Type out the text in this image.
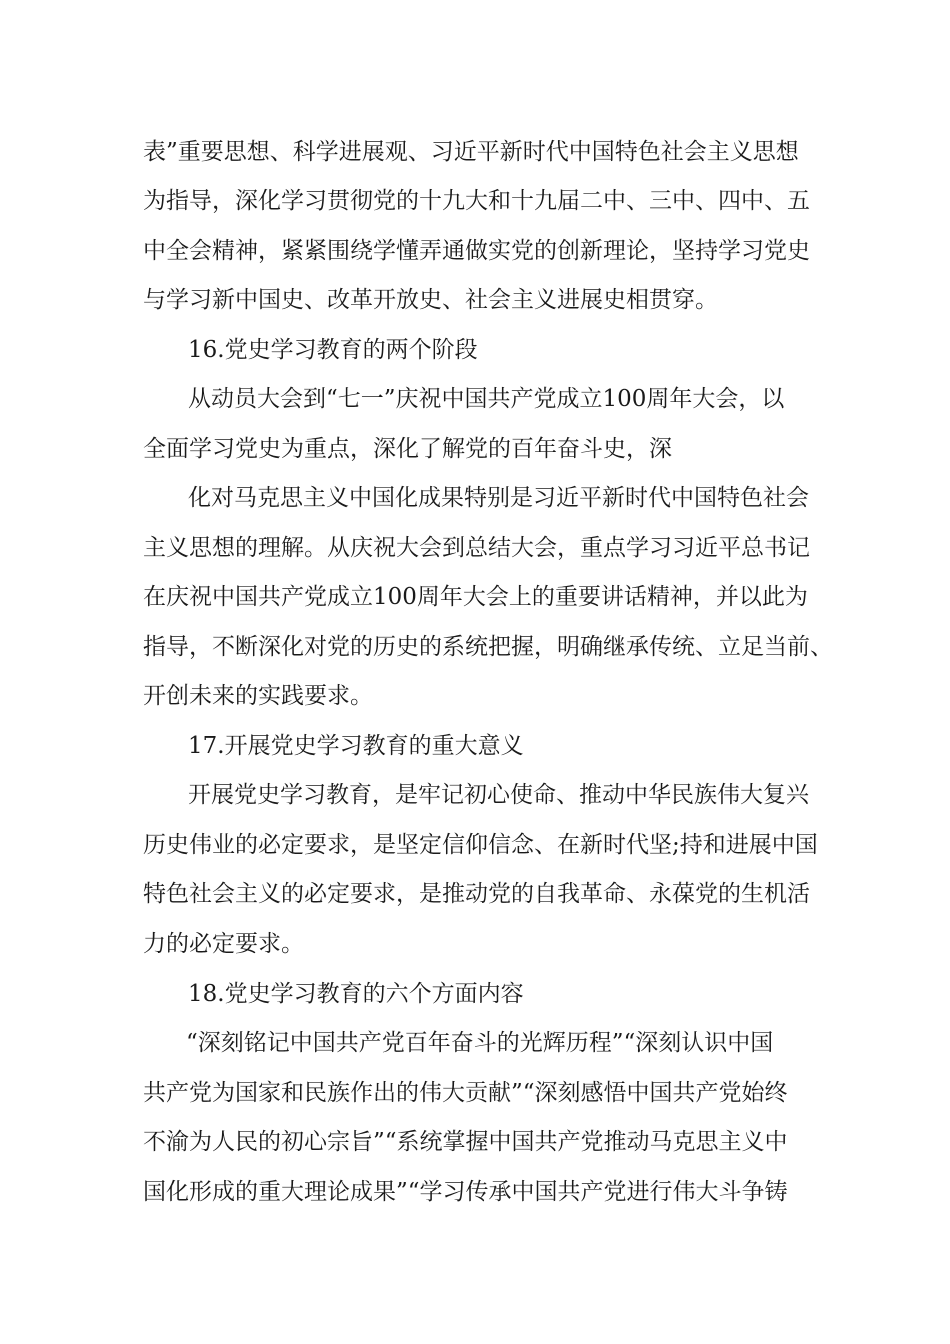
表”重要思想、科学进展观、习近平新时代中国特色社会主义思想

为指导，深化学习贯彻党的十九大和十九届二中、三中、四中、五

中全会精神，紧紧围绕学懂弄通做实党的创新理论，坚持学习党史

与学习新中国史、改革开放史、社会主义进展史相贯穿。

16.党史学习教育的两个阶段

从动员大会到“七一”庆祝中国共产党成立100周年大会，以

全面学习党史为重点，深化了解党的百年奋斗史，深

化对马克思主义中国化成果特别是习近平新时代中国特色社会

主义思想的理解。从庆祝大会到总结大会，重点学习习近平总书记

在庆祝中国共产党成立100周年大会上的重要讲话精神，并以此为

指导，不断深化对党的历史的系统把握，明确继承传统、立足当前、

开创未来的实践要求。

17.开展党史学习教育的重大意义

开展党史学习教育，是牢记初心使命、推动中华民族伟大复兴

历史伟业的必定要求，是坚定信仰信念、在新时代坚;持和进展中国

特色社会主义的必定要求，是推动党的自我革命、永葆党的生机活

力的必定要求。

18.党史学习教育的六个方面内容

“深刻铭记中国共产党百年奋斗的光辉历程”“深刻认识中国

共产党为国家和民族作出的伟大贡献”“深刻感悟中国共产党始终

不渝为人民的初心宗旨”“系统掌握中国共产党推动马克思主义中

国化形成的重大理论成果”“学习传承中国共产党进行伟大斗争铸
